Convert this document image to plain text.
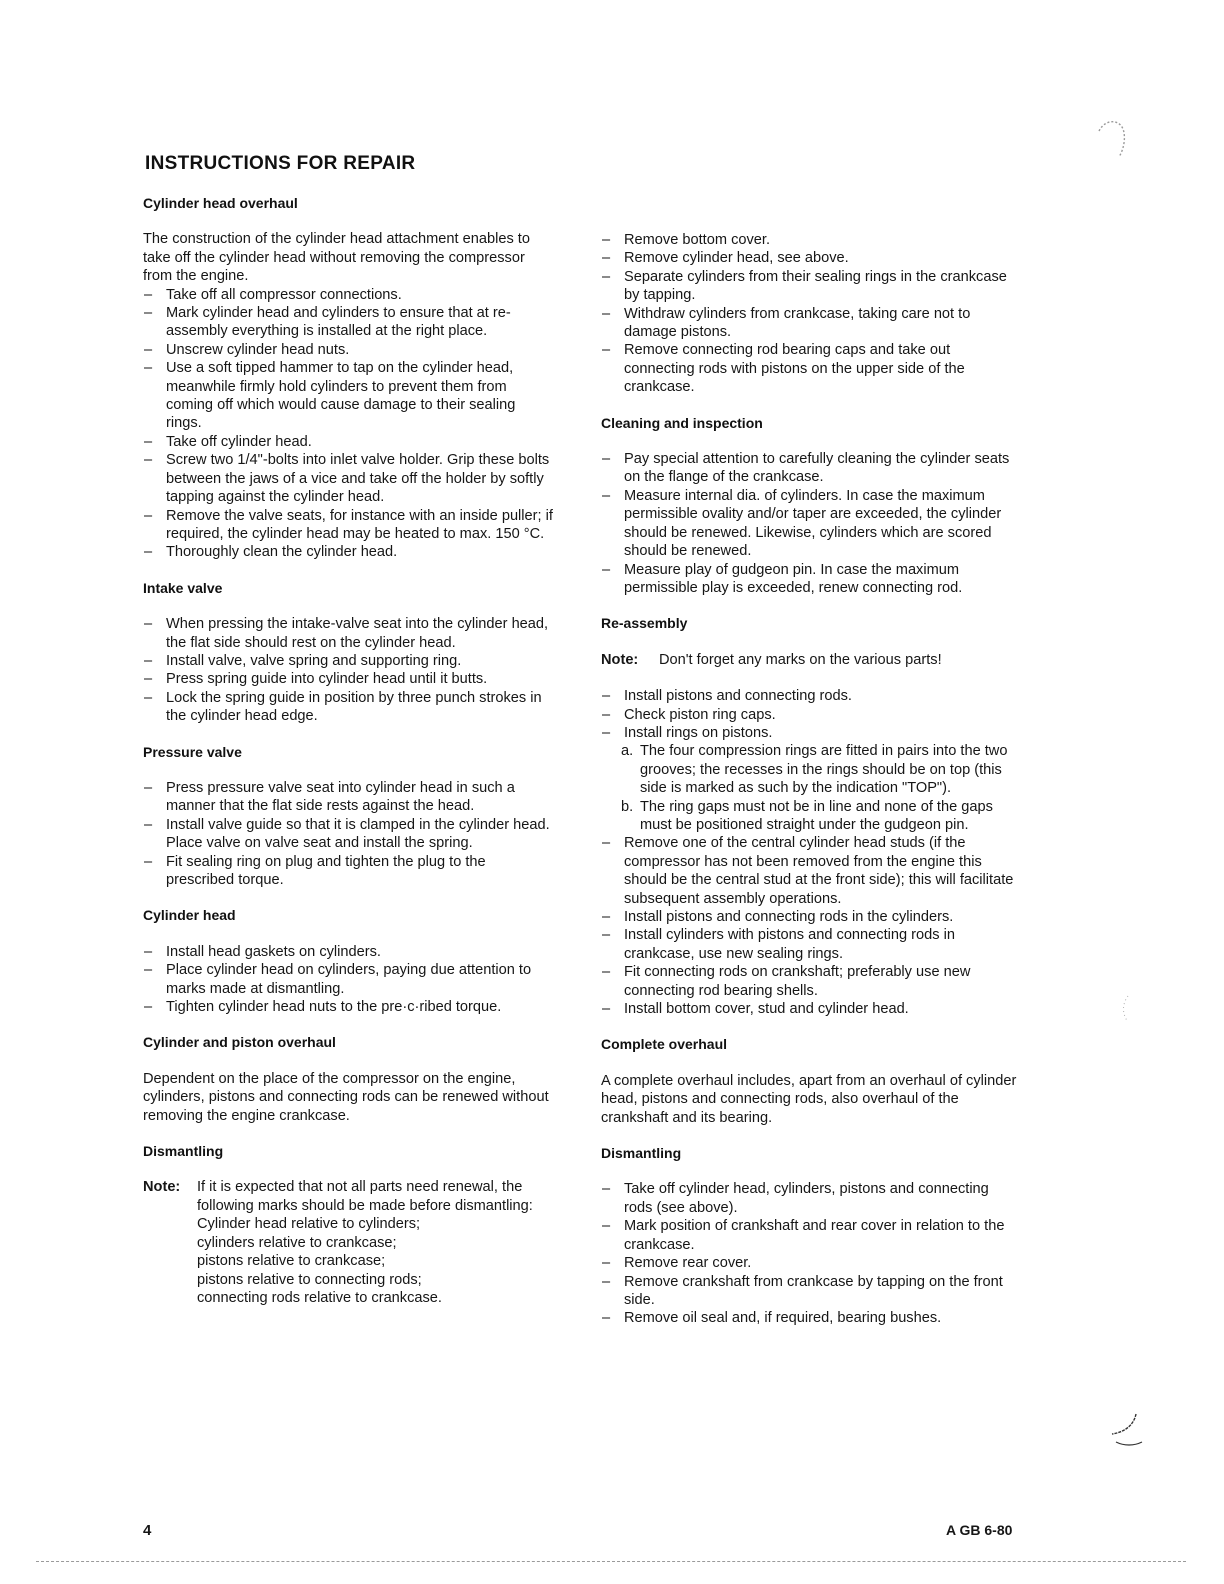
INSTRUCTIONS FOR REPAIR
Cylinder head overhaul

The construction of the cylinder head attachment enables to take off the cylinder head without removing the compressor from the engine.

– Take off all compressor connections.
– Mark cylinder head and cylinders to ensure that at re-assembly everything is installed at the right place.
– Unscrew cylinder head nuts.
– Use a soft tipped hammer to tap on the cylinder head, meanwhile firmly hold cylinders to prevent them from coming off which would cause damage to their sealing rings.
– Take off cylinder head.
– Screw two 1/4"-bolts into inlet valve holder. Grip these bolts between the jaws of a vice and take off the holder by softly tapping against the cylinder head.
– Remove the valve seats, for instance with an inside puller; if required, the cylinder head may be heated to max. 150 °C.
– Thoroughly clean the cylinder head.
Intake valve
– When pressing the intake-valve seat into the cylinder head, the flat side should rest on the cylinder head.
– Install valve, valve spring and supporting ring.
– Press spring guide into cylinder head until it butts.
– Lock the spring guide in position by three punch strokes in the cylinder head edge.
Pressure valve
– Press pressure valve seat into cylinder head in such a manner that the flat side rests against the head.
– Install valve guide so that it is clamped in the cylinder head. Place valve on valve seat and install the spring.
– Fit sealing ring on plug and tighten the plug to the prescribed torque.
Cylinder head
– Install head gaskets on cylinders.
– Place cylinder head on cylinders, paying due attention to marks made at dismantling.
– Tighten cylinder head nuts to the pre·c·ribed torque.
Cylinder and piston overhaul

Dependent on the place of the compressor on the engine, cylinders, pistons and connecting rods can be renewed without removing the engine crankcase.

Dismantling
Note:	If it is expected that not all parts need renewal, the following marks should be made before dismantling:
Cylinder head relative to cylinders;
cylinders relative to crankcase;
pistons relative to crankcase;
pistons relative to connecting rods;
connecting rods relative to crankcase.
– Remove bottom cover.
– Remove cylinder head, see above.
– Separate cylinders from their sealing rings in the crankcase by tapping.
– Withdraw cylinders from crankcase, taking care not to damage pistons.
– Remove connecting rod bearing caps and take out connecting rods with pistons on the upper side of the crankcase.
Cleaning and inspection
– Pay special attention to carefully cleaning the cylinder seats on the flange of the crankcase.
– Measure internal dia. of cylinders. In case the maximum permissible ovality and/or taper are exceeded, the cylinder should be renewed. Likewise, cylinders which are scored should be renewed.
– Measure play of gudgeon pin. In case the maximum permissible play is exceeded, renew connecting rod.
Re-assembly
Note:	Don't forget any marks on the various parts!
– Install pistons and connecting rods.
– Check piston ring caps.
– Install rings on pistons.
a. The four compression rings are fitted in pairs into the two grooves; the recesses in the rings should be on top (this side is marked as such by the indication "TOP").
b. The ring gaps must not be in line and none of the gaps must be positioned straight under the gudgeon pin.
– Remove one of the central cylinder head studs (if the compressor has not been removed from the engine this should be the central stud at the front side); this will facilitate subsequent assembly operations.
– Install pistons and connecting rods in the cylinders.
– Install cylinders with pistons and connecting rods in crankcase, use new sealing rings.
– Fit connecting rods on crankshaft; preferably use new connecting rod bearing shells.
– Install bottom cover, stud and cylinder head.
Complete overhaul

A complete overhaul includes, apart from an overhaul of cylinder head, pistons and connecting rods, also overhaul of the crankshaft and its bearing.

Dismantling
– Take off cylinder head, cylinders, pistons and connecting rods (see above).
– Mark position of crankshaft and rear cover in relation to the crankcase.
– Remove rear cover.
– Remove crankshaft from crankcase by tapping on the front side.
– Remove oil seal and, if required, bearing bushes.

4	A GB 6-80
